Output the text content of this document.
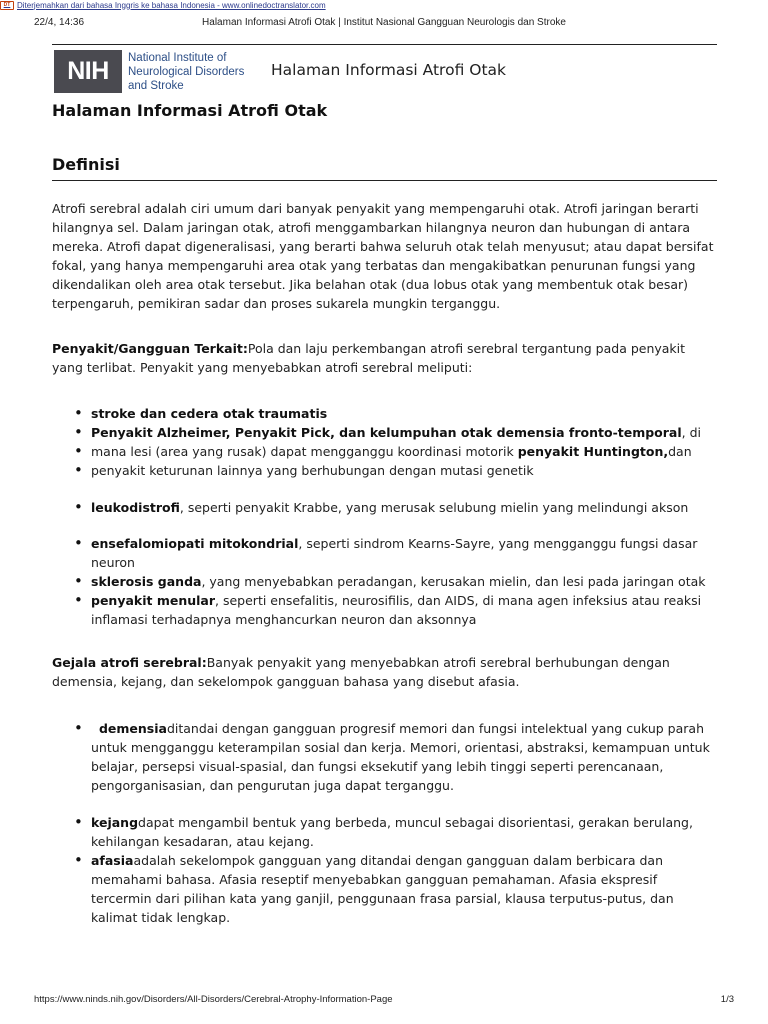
DT Diterjemahkan dari bahasa Inggris ke bahasa Indonesia - www.onlinedoctranslator.com
22/4, 14:36	Halaman Informasi Atrofi Otak | Institut Nasional Gangguan Neurologis dan Stroke
NIH	National Institute of
Neurological Disorders
and Stroke
Halaman Informasi Atrofi Otak
Halaman Informasi Atrofi Otak
Definisi

Atrofi serebral adalah ciri umum dari banyak penyakit yang mempengaruhi otak. Atrofi jaringan berarti hilangnya sel. Dalam jaringan otak, atrofi menggambarkan hilangnya neuron dan hubungan di antara mereka. Atrofi dapat digeneralisasi, yang berarti bahwa seluruh otak telah menyusut; atau dapat bersifat fokal, yang hanya mempengaruhi area otak yang terbatas dan mengakibatkan penurunan fungsi yang dikendalikan oleh area otak tersebut. Jika belahan otak (dua lobus otak yang membentuk otak besar) terpengaruh, pemikiran sadar dan proses sukarela mungkin terganggu.

Penyakit/Gangguan Terkait:Pola dan laju perkembangan atrofi serebral tergantung pada penyakit yang terlibat. Penyakit yang menyebabkan atrofi serebral meliputi:

• stroke dan cedera otak traumatis
• Penyakit Alzheimer, Penyakit Pick, dan kelumpuhan otak demensia fronto-temporal, di
• mana lesi (area yang rusak) dapat mengganggu koordinasi motorik penyakit Huntington,dan
• penyakit keturunan lainnya yang berhubungan dengan mutasi genetik
• leukodistrofi, seperti penyakit Krabbe, yang merusak selubung mielin yang melindungi akson
• ensefalomiopati mitokondrial, seperti sindrom Kearns-Sayre, yang mengganggu fungsi dasar neuron
• sklerosis ganda, yang menyebabkan peradangan, kerusakan mielin, dan lesi pada jaringan otak
• penyakit menular, seperti ensefalitis, neurosifilis, dan AIDS, di mana agen infeksius atau reaksi inflamasi terhadapnya menghancurkan neuron dan aksonnya

Gejala atrofi serebral:Banyak penyakit yang menyebabkan atrofi serebral berhubungan dengan demensia, kejang, dan sekelompok gangguan bahasa yang disebut afasia.

• demensiaditandai dengan gangguan progresif memori dan fungsi intelektual yang cukup parah untuk mengganggu keterampilan sosial dan kerja. Memori, orientasi, abstraksi, kemampuan untuk belajar, persepsi visual-spasial, dan fungsi eksekutif yang lebih tinggi seperti perencanaan, pengorganisasian, dan pengurutan juga dapat terganggu.
• kejangdapat mengambil bentuk yang berbeda, muncul sebagai disorientasi, gerakan berulang, kehilangan kesadaran, atau kejang.
• afasiaadalah sekelompok gangguan yang ditandai dengan gangguan dalam berbicara dan memahami bahasa. Afasia reseptif menyebabkan gangguan pemahaman. Afasia ekspresif tercermin dari pilihan kata yang ganjil, penggunaan frasa parsial, klausa terputus-putus, dan kalimat tidak lengkap.
https://www.ninds.nih.gov/Disorders/All-Disorders/Cerebral-Atrophy-Information-Page	1/3
